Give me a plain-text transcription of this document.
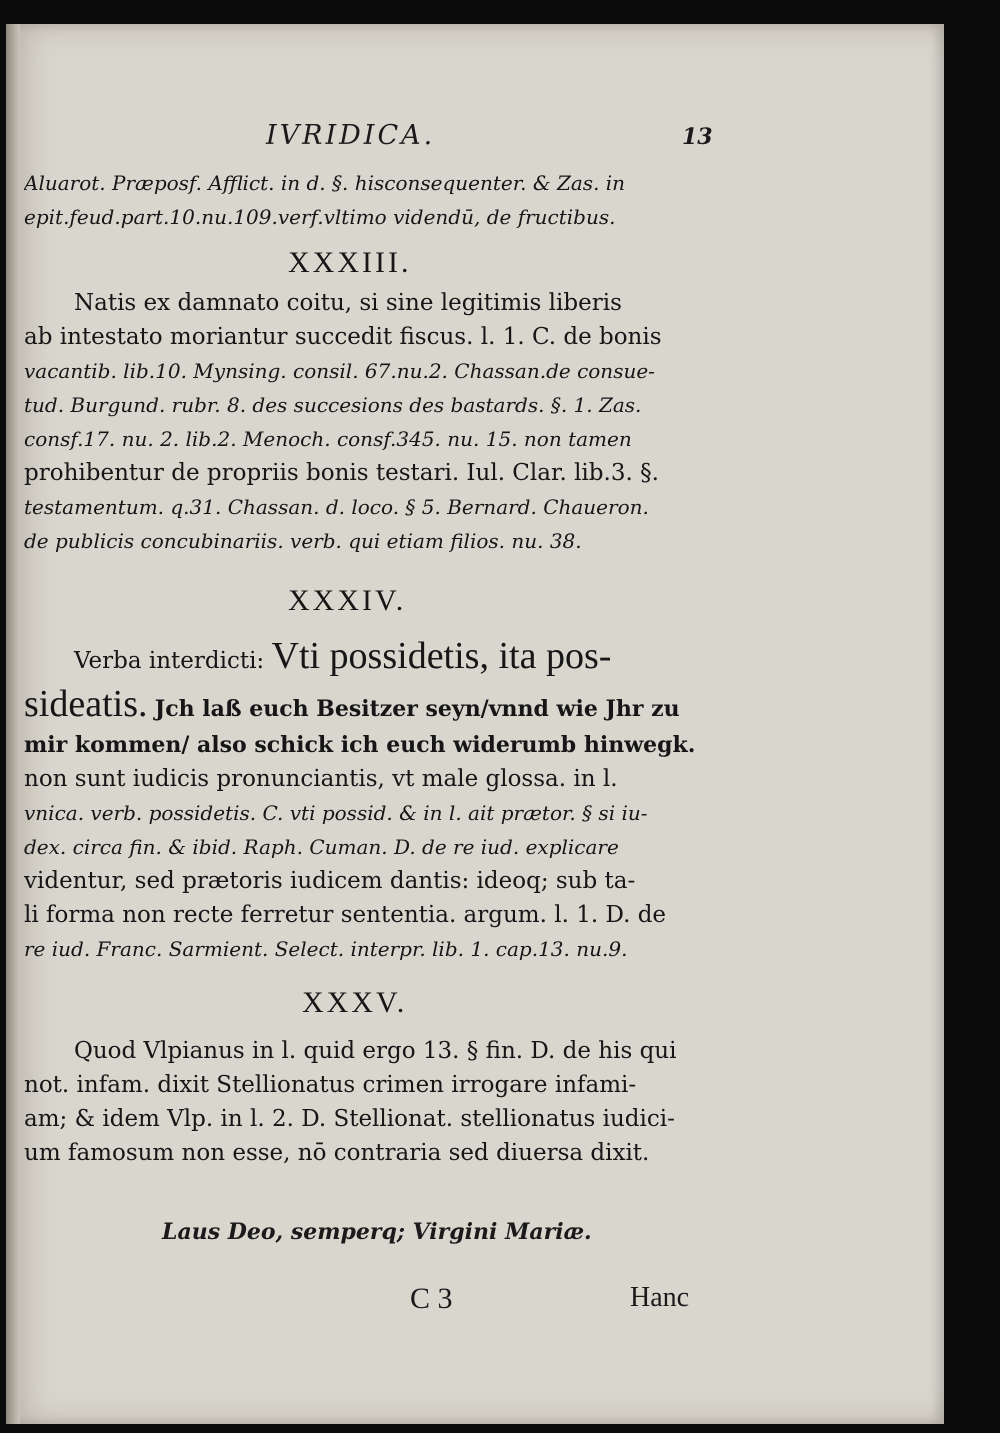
IVRIDICA.	13
Aluarot. Præposf. Afflict. in d. §. hisconsequenter. & Zas. in
epit.feud.part.10.nu.109.verf.vltimo videndū, de fructibus.
XXXIII.
Natis ex damnato coitu, si sine legitimis liberis
ab intestato moriantur succedit fiscus. l. 1. C. de bonis
vacantib. lib.10. Mynsing. consil. 67.nu.2. Chassan.de consue-
tud. Burgund. rubr. 8. des succesions des bastards. §. 1. Zas.
consf.17. nu. 2. lib.2. Menoch. consf.345. nu. 15. non tamen
prohibentur de propriis bonis testari. Iul. Clar. lib.3. §.
testamentum. q.31. Chassan. d. loco. § 5. Bernard. Chaueron.
de publicis concubinariis. verb. qui etiam filios. nu. 38.
XXXIV.
Verba interdicti: Vti possidetis, ita pos-
sideatis. Jch laß euch Besitzer seyn/vnnd wie Jhr zu
mir kommen/ also schick ich euch widerumb hinwegk.
non sunt iudicis pronunciantis, vt male glossa. in l.
vnica. verb. possidetis. C. vti possid. & in l. ait prætor. § si iu-
dex. circa fin. & ibid. Raph. Cuman. D. de re iud. explicare
videntur, sed prætoris iudicem dantis: ideoq; sub ta-
li forma non recte ferretur sententia. argum. l. 1. D. de
re iud. Franc. Sarmient. Select. interpr. lib. 1. cap.13. nu.9.
XXXV.
Quod Vlpianus in l. quid ergo 13. § fin. D. de his qui
not. infam. dixit Stellionatus crimen irrogare infami-
am; & idem Vlp. in l. 2. D. Stellionat. stellionatus iudici-
um famosum non esse, nō contraria sed diuersa dixit.
Laus Deo, semperq; Virgini Mariæ.
C 3	Hanc
